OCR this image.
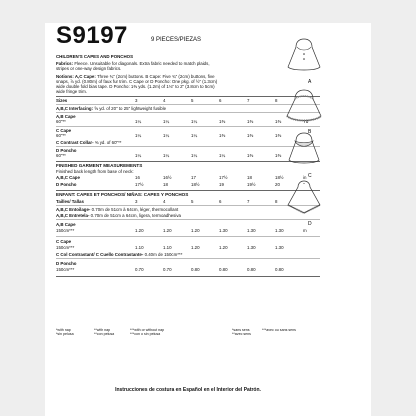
S9197	9 PIECES/PIEZAS
CHILDREN'S CAPES AND PONCHOS
Fabrics: Fleece. Unsuitable for diagonals. Extra fabric needed to match plaids,
stripes or one-way design fabrics.
Notions: A,C Cape: Three ¾" (2cm) buttons. B Cape: Five ¾" (2cm) buttons, five
snaps, ⅞ yd. (0.80m) of faux fur trim. C Cape or D Poncho: One pkg. of ½" (1.3cm)
wide double fold bias tape. D Poncho: 1⅜ yds. (1.2m) of 1⅛" to 2" (3.8cm to 5cm)
wide fringe trim.
Sizes	3	4	5	6	7	8
A,B,C Interfacing: ⅝ yd. of 20" to 25" lightweight fusible
A,B Cape
60"**	1¼	1¼	1¼	1⅜	1⅜	1⅜	Yd
C Cape
60"**	1¼	1¼	1¼	1⅜	1⅜	1⅜
C Contrast Collar- ⅜ yd. of 60"**
D Poncho
60"**	1¼	1¼	1¼	1¼	1⅜	1⅜
FINISHED GARMENT MEASUREMENTS
Finished back length from base of neck:
A,B,C Cape	16	16½	17	17½	18	18½	in
D Poncho	17½	18	18½	19	19½	20	"
ENFANT: CAPES ET PONCHOS/ NIÑAS: CAPES Y PONCHOS
Tailles/ Tallas	3	4	5	6	7	8
A,B,C Entoilage- 0.70m de 51cm à 64cm, léger, thermocollant
A,B,C Entretela- 0.70m de 51cm a 64cm, ligera, termoadhesiva
A,B Cape
150cm***	1.20	1.20	1.20	1.30	1.30	1.30	m
C Cape
150cm***	1.10	1.10	1.20	1.20	1.30	1.30
C Col Contrastant/ C Cuello Contrastante- 0.40m de 150cm***
D Poncho
150cm***	0.70	0.70	0.80	0.80	0.80	0.80
*with nap
*sin pelusa
**with nap
**con pelusa
***with or without nap
***con o sin pelusa
*sans sens
**avec sens
***avec ou sans sens
Instrucciones de costura en Español en el Interior del Patrón.
A
B
C
D
